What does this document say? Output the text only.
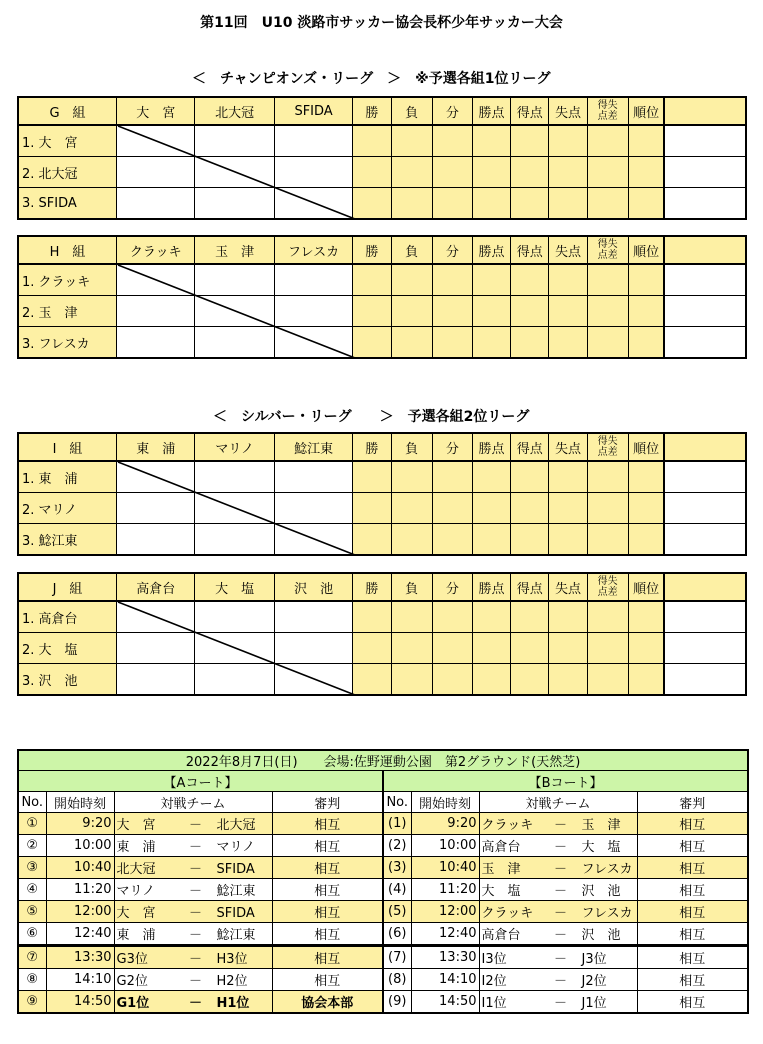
第11回　U10 淡路市サッカー協会長杯少年サッカー大会
＜　チャンピオンズ・リーグ　＞　※予選各組1位リーグ
G　組	大　宮	北大冠	SFIDA	勝	負	分	勝点	得点	失点	得失
点差	順位	
1. 大　宮												
2. 北大冠												
3. SFIDA												
H　組	クラッキ	玉　津	フレスカ	勝	負	分	勝点	得点	失点	得失
点差	順位	
1. クラッキ												
2. 玉　津												
3. フレスカ												
I　組	東　浦	マリノ	鯰江東	勝	負	分	勝点	得点	失点	得失
点差	順位	
1. 東　浦												
2. マリノ												
3. 鯰江東												
J　組	高倉台	大　塩	沢　池	勝	負	分	勝点	得点	失点	得失
点差	順位	
1. 高倉台												
2. 大　塩												
3. 沢　池												
＜　シルバー・リーグ　　＞　予選各組2位リーグ
2022年8月7日(日)　　会場:佐野運動公園　第2グラウンド(天然芝)							
【Aコート】				【Bコート】			
No.	開始時刻	対戦チーム	審判	No.	開始時刻	対戦チーム	審判
①	9:20	大　宮 － 北大冠	相互	(1)	9:20	クラッキ － 玉　津	相互
②	10:00	東　浦 － マリノ	相互	(2)	10:00	高倉台 － 大　塩	相互
③	10:40	北大冠 － SFIDA	相互	(3)	10:40	玉　津 － フレスカ	相互
④	11:20	マリノ － 鯰江東	相互	(4)	11:20	大　塩 － 沢　池	相互
⑤	12:00	大　宮 － SFIDA	相互	(5)	12:00	クラッキ － フレスカ	相互
⑥	12:40	東　浦 － 鯰江東	相互	(6)	12:40	高倉台 － 沢　池	相互
⑦	13:30	G3位 － H3位	相互	(7)	13:30	I3位 － J3位	相互
⑧	14:10	G2位 － H2位	相互	(8)	14:10	I2位 － J2位	相互
⑨	14:50	G1位 － H1位	協会本部	(9)	14:50	I1位 － J1位	相互
